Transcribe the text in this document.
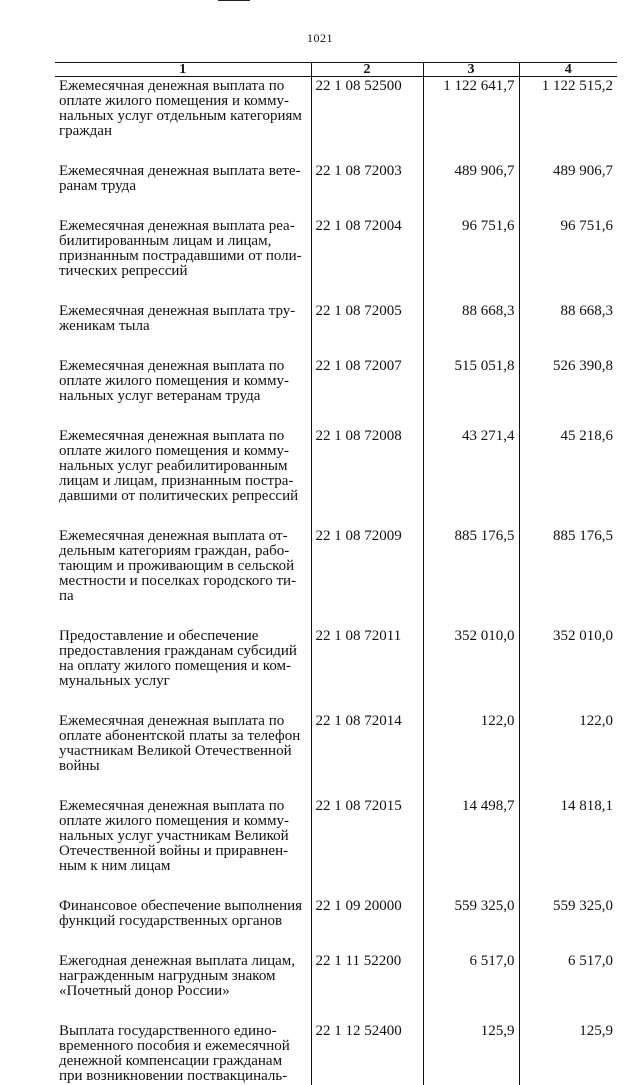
1021
1	2	3	4

Ежемесячная денежная выплата по
оплате жилого помещения и комму-
нальных услуг отдельным категориям
граждан	22 1 08 52500	1 122 641,7	1 122 515,2

Ежемесячная денежная выплата вете-
ранам труда	22 1 08 72003	489 906,7	489 906,7

Ежемесячная денежная выплата реа-
билитированным лицам и лицам,
признанным пострадавшими от поли-
тических репрессий	22 1 08 72004	96 751,6	96 751,6

Ежемесячная денежная выплата тру-
женикам тыла	22 1 08 72005	88 668,3	88 668,3

Ежемесячная денежная выплата по
оплате жилого помещения и комму-
нальных услуг ветеранам труда	22 1 08 72007	515 051,8	526 390,8

Ежемесячная денежная выплата по
оплате жилого помещения и комму-
нальных услуг реабилитированным
лицам и лицам, признанным постра-
давшими от политических репрессий	22 1 08 72008	43 271,4	45 218,6

Ежемесячная денежная выплата от-
дельным категориям граждан, рабо-
тающим и проживающим в сельской
местности и поселках городского ти-
па	22 1 08 72009	885 176,5	885 176,5

Предоставление и обеспечение
предоставления гражданам субсидий
на оплату жилого помещения и ком-
мунальных услуг	22 1 08 72011	352 010,0	352 010,0

Ежемесячная денежная выплата по
оплате абонентской платы за телефон
участникам Великой Отечественной
войны	22 1 08 72014	122,0	122,0

Ежемесячная денежная выплата по
оплате жилого помещения и комму-
нальных услуг участникам Великой
Отечественной войны и приравнен-
ным к ним лицам	22 1 08 72015	14 498,7	14 818,1

Финансовое обеспечение выполнения
функций государственных органов	22 1 09 20000	559 325,0	559 325,0

Ежегодная денежная выплата лицам,
награжденным нагрудным знаком
«Почетный донор России»	22 1 11 52200	6 517,0	6 517,0

Выплата государственного едино-
временного пособия и ежемесячной
денежной компенсации гражданам
при возникновении поствакциналь-	22 1 12 52400	125,9	125,9
